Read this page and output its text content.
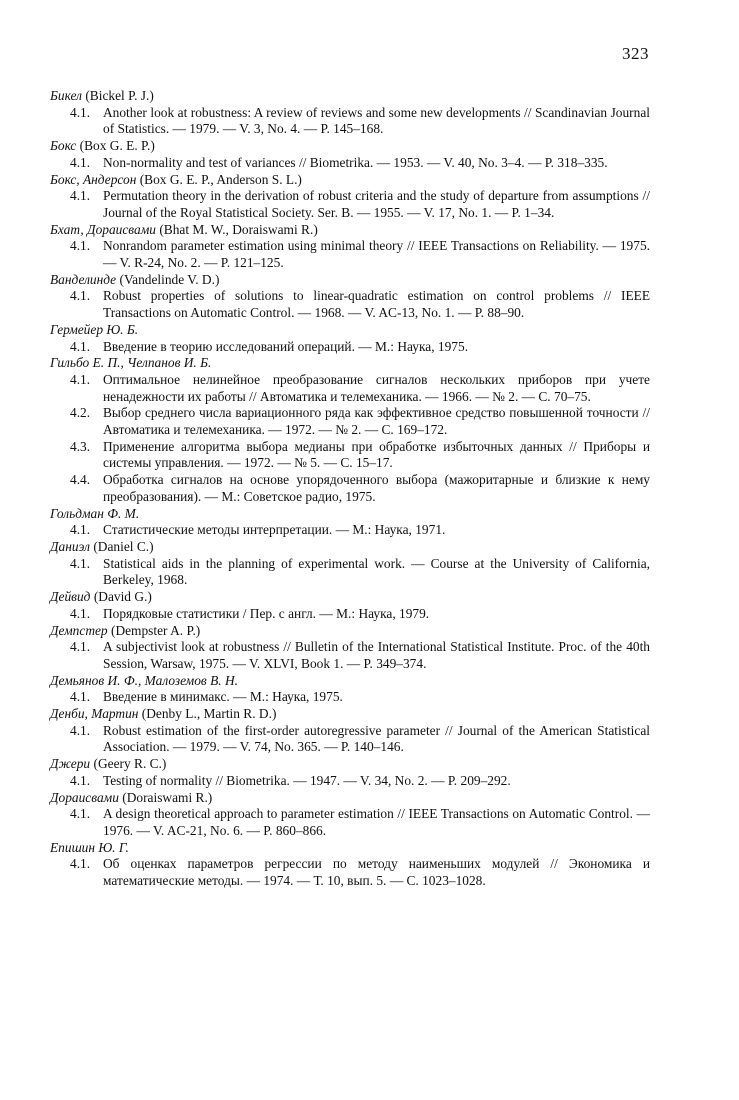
323
Бикел (Bickel P. J.)
4.1. Another look at robustness: A review of reviews and some new developments // Scandinavian Journal of Statistics. — 1979. — V. 3, No. 4. — P. 145–168.
Бокс (Box G. E. P.)
4.1. Non-normality and test of variances // Biometrika. — 1953. — V. 40, No. 3–4. — P. 318–335.
Бокс, Андерсон (Box G. E. P., Anderson S. L.)
4.1. Permutation theory in the derivation of robust criteria and the study of departure from assumptions // Journal of the Royal Statistical Society. Ser. B. — 1955. — V. 17, No. 1. — P. 1–34.
Бхат, Дораисвами (Bhat M. W., Doraiswami R.)
4.1. Nonrandom parameter estimation using minimal theory // IEEE Transactions on Reliability. — 1975. — V. R-24, No. 2. — P. 121–125.
Ванделинде (Vandelinde V. D.)
4.1. Robust properties of solutions to linear-quadratic estimation on control problems // IEEE Transactions on Automatic Control. — 1968. — V. AC-13, No. 1. — P. 88–90.
Гермейер Ю. Б.
4.1. Введение в теорию исследований операций. — М.: Наука, 1975.
Гильбо Е. П., Челпанов И. Б.
4.1. Оптимальное нелинейное преобразование сигналов нескольких приборов при учете ненадежности их работы // Автоматика и телемеханика. — 1966. — № 2. — С. 70–75.
4.2. Выбор среднего числа вариационного ряда как эффективное средство повышенной точности // Автоматика и телемеханика. — 1972. — № 2. — С. 169–172.
4.3. Применение алгоритма выбора медианы при обработке избыточных данных // Приборы и системы управления. — 1972. — № 5. — С. 15–17.
4.4. Обработка сигналов на основе упорядоченного выбора (мажоритарные и близкие к нему преобразования). — М.: Советское радио, 1975.
Гольдман Ф. М.
4.1. Статистические методы интерпретации. — М.: Наука, 1971.
Даниэл (Daniel C.)
4.1. Statistical aids in the planning of experimental work. — Course at the University of California, Berkeley, 1968.
Дейвид (David G.)
4.1. Порядковые статистики / Пер. с англ. — М.: Наука, 1979.
Демпстер (Dempster A. P.)
4.1. A subjectivist look at robustness // Bulletin of the International Statistical Institute. Proc. of the 40th Session, Warsaw, 1975. — V. XLVI, Book 1. — P. 349–374.
Демьянов И. Ф., Малоземов В. Н.
4.1. Введение в минимакс. — М.: Наука, 1975.
Денби, Мартин (Denby L., Martin R. D.)
4.1. Robust estimation of the first-order autoregressive parameter // Journal of the American Statistical Association. — 1979. — V. 74, No. 365. — P. 140–146.
Джери (Geery R. C.)
4.1. Testing of normality // Biometrika. — 1947. — V. 34, No. 2. — P. 209–292.
Дораисвами (Doraiswami R.)
4.1. A design theoretical approach to parameter estimation // IEEE Transactions on Automatic Control. — 1976. — V. AC-21, No. 6. — P. 860–866.
Епишин Ю. Г.
4.1. Об оценках параметров регрессии по методу наименьших модулей // Экономика и математические методы. — 1974. — Т. 10, вып. 5. — С. 1023–1028.
